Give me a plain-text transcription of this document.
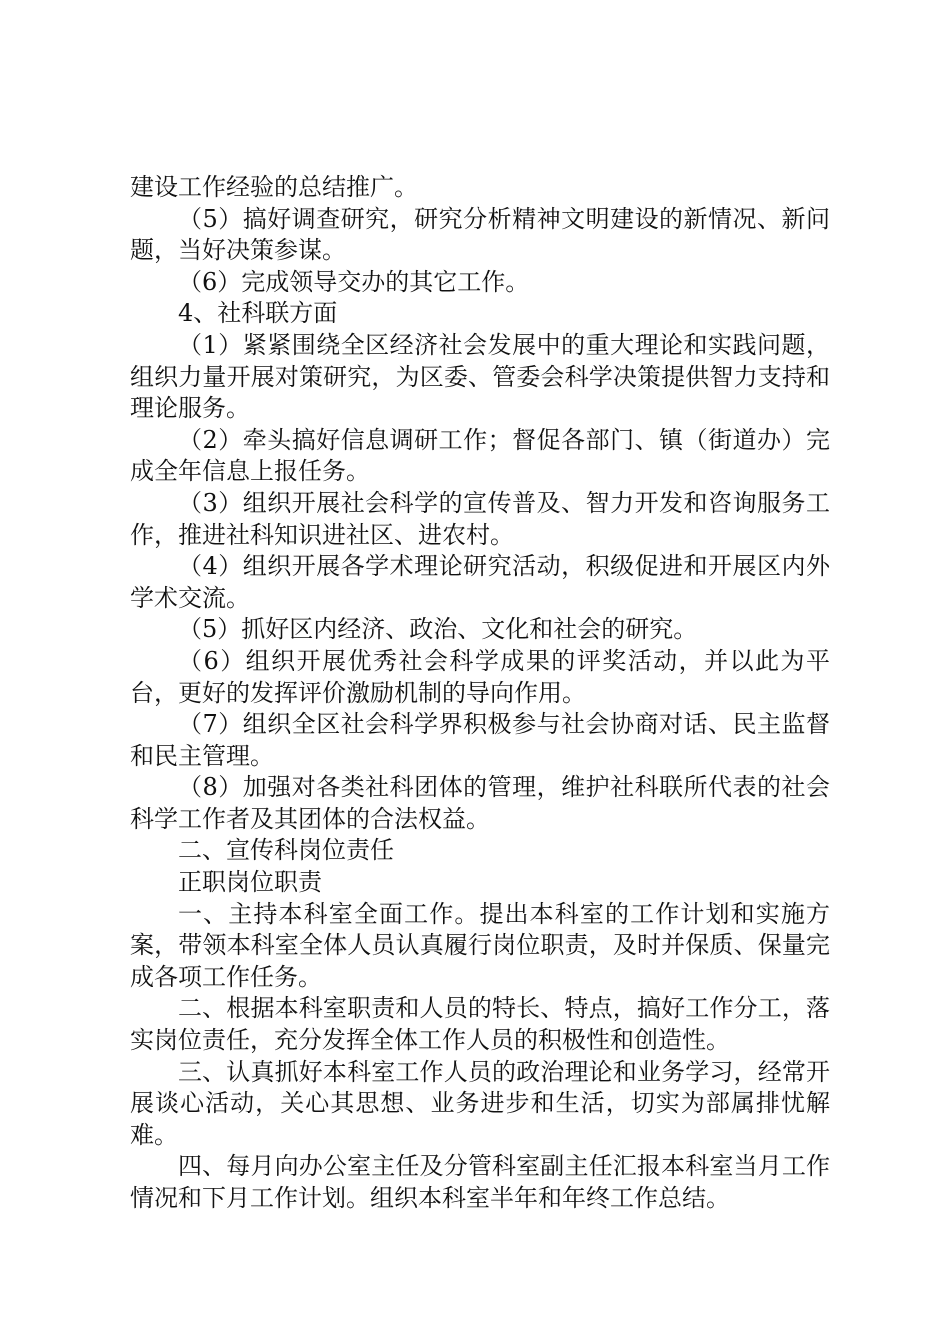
建设工作经验的总结推广。

（5）搞好调查研究，研究分析精神文明建设的新情况、新问题，当好决策参谋。

（6）完成领导交办的其它工作。

4、社科联方面

（1）紧紧围绕全区经济社会发展中的重大理论和实践问题，组织力量开展对策研究，为区委、管委会科学决策提供智力支持和理论服务。

（2）牵头搞好信息调研工作；督促各部门、镇（街道办）完成全年信息上报任务。

（3）组织开展社会科学的宣传普及、智力开发和咨询服务工作，推进社科知识进社区、进农村。

（4）组织开展各学术理论研究活动，积级促进和开展区内外学术交流。

（5）抓好区内经济、政治、文化和社会的研究。

（6）组织开展优秀社会科学成果的评奖活动，并以此为平台，更好的发挥评价激励机制的导向作用。

（7）组织全区社会科学界积极参与社会协商对话、民主监督和民主管理。

（8）加强对各类社科团体的管理，维护社科联所代表的社会科学工作者及其团体的合法权益。

二、宣传科岗位责任

正职岗位职责

一、主持本科室全面工作。提出本科室的工作计划和实施方案，带领本科室全体人员认真履行岗位职责，及时并保质、保量完成各项工作任务。

二、根据本科室职责和人员的特长、特点，搞好工作分工，落实岗位责任，充分发挥全体工作人员的积极性和创造性。

三、认真抓好本科室工作人员的政治理论和业务学习，经常开展谈心活动，关心其思想、业务进步和生活，切实为部属排忧解难。

四、每月向办公室主任及分管科室副主任汇报本科室当月工作情况和下月工作计划。组织本科室半年和年终工作总结。
